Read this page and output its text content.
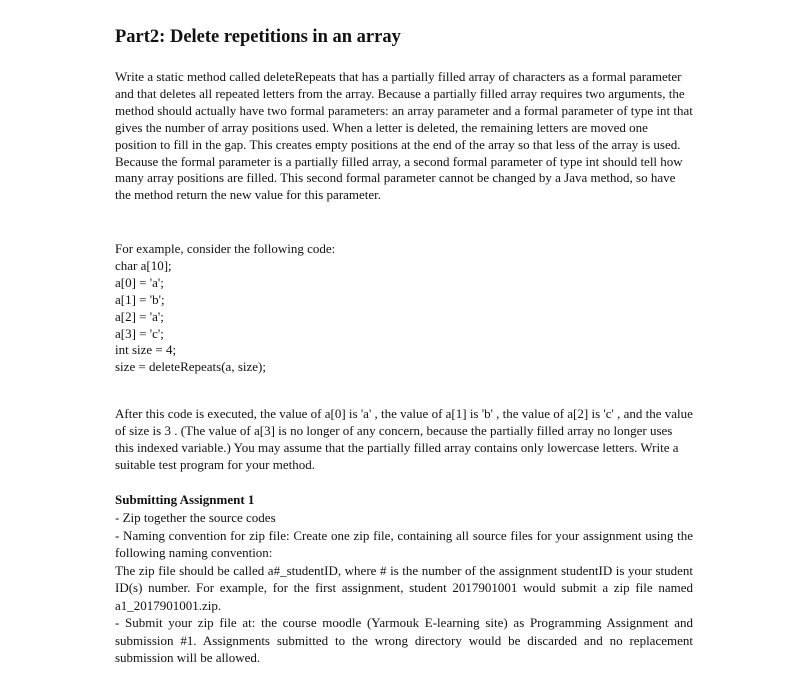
Part2: Delete repetitions in an array

Write a static method called deleteRepeats that has a partially filled array of characters as a formal parameter and that deletes all repeated letters from the array. Because a partially filled array requires two arguments, the method should actually have two formal parameters: an array parameter and a formal parameter of type int that gives the number of array positions used. When a letter is deleted, the remaining letters are moved one position to fill in the gap. This creates empty positions at the end of the array so that less of the array is used. Because the formal parameter is a partially filled array, a second formal parameter of type int should tell how many array positions are filled. This second formal parameter cannot be changed by a Java method, so have the method return the new value for this parameter.

For example, consider the following code:
char a[10];
a[0] = 'a';
a[1] = 'b';
a[2] = 'a';
a[3] = 'c';
int size = 4;
size = deleteRepeats(a, size);

After this code is executed, the value of a[0] is 'a' , the value of a[1] is 'b' , the value of a[2] is 'c' , and the value of size is 3 . (The value of a[3] is no longer of any concern, because the partially filled array no longer uses this indexed variable.) You may assume that the partially filled array contains only lowercase letters. Write a suitable test program for your method.

Submitting Assignment 1
- Zip together the source codes
- Naming convention for zip file: Create one zip file, containing all source files for your assignment using the following naming convention:
The zip file should be called a#_studentID, where # is the number of the assignment studentID is your student ID(s) number. For example, for the first assignment, student 2017901001 would submit a zip file named a1_2017901001.zip.
- Submit your zip file at: the course moodle (Yarmouk E-learning site) as Programming Assignment and submission #1. Assignments submitted to the wrong directory would be discarded and no replacement submission will be allowed.
